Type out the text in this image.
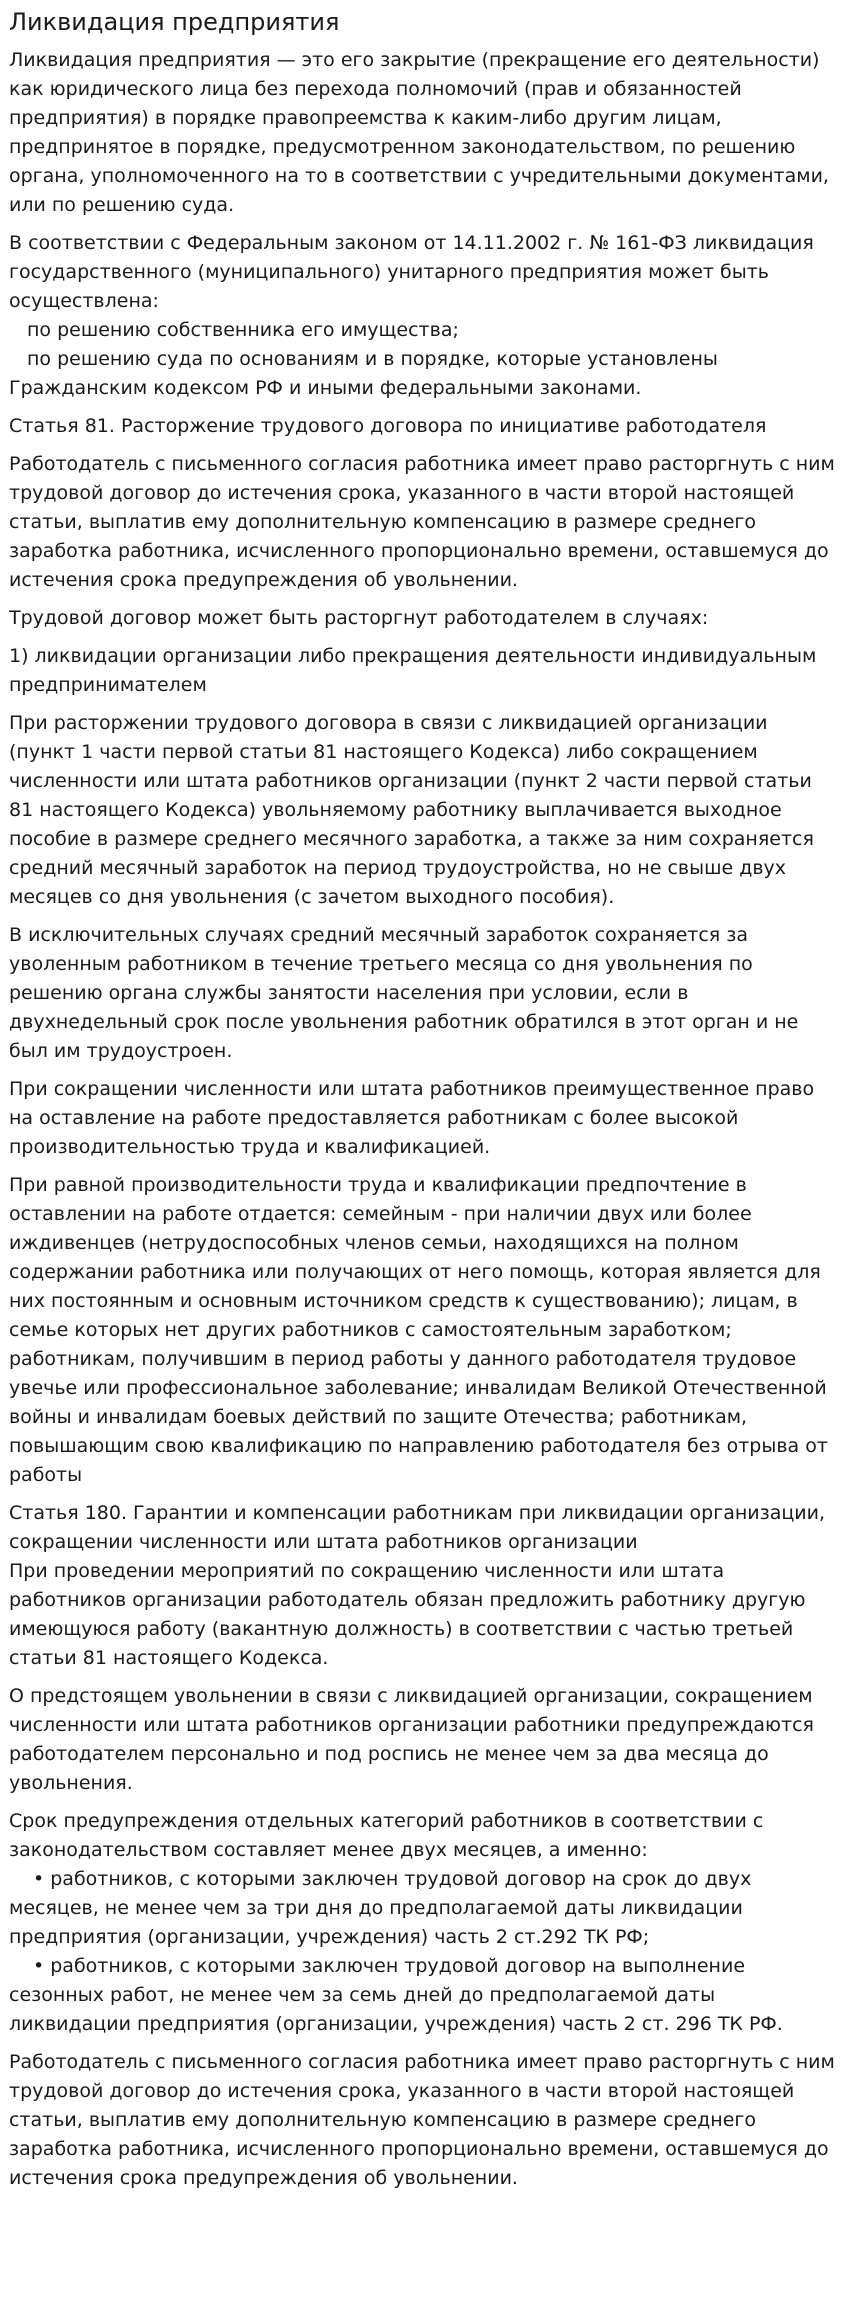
Ликвидация предприятия

Ликвидация предприятия — это его закрытие (прекращение его деятельности) как юридического лица без перехода полномочий (прав и обязанностей предприятия) в порядке правопреемства к каким-либо другим лицам, предпринятое в порядке, предусмотренном законодательством, по решению органа, уполномоченного на то в соответствии с учредительными документами, или по решению суда.

В соответствии с Федеральным законом от 14.11.2002 г. № 161-ФЗ ликвидация государственного (муниципального) унитарного предприятия может быть осуществлена:
по решению собственника его имущества;
по решению суда по основаниям и в порядке, которые установлены
Гражданским кодексом РФ и иными федеральными законами.

Статья 81. Расторжение трудового договора по инициативе работодателя

Работодатель с письменного согласия работника имеет право расторгнуть с ним трудовой договор до истечения срока, указанного в части второй настоящей статьи, выплатив ему дополнительную компенсацию в размере среднего заработка работника, исчисленного пропорционально времени, оставшемуся до истечения срока предупреждения об увольнении.

Трудовой договор может быть расторгнут работодателем в случаях:

1) ликвидации организации либо прекращения деятельности индивидуальным предпринимателем

При расторжении трудового договора в связи с ликвидацией организации (пункт 1 части первой статьи 81 настоящего Кодекса) либо сокращением численности или штата работников организации (пункт 2 части первой статьи 81 настоящего Кодекса) увольняемому работнику выплачивается выходное пособие в размере среднего месячного заработка, а также за ним сохраняется средний месячный заработок на период трудоустройства, но не свыше двух месяцев со дня увольнения (с зачетом выходного пособия).

В исключительных случаях средний месячный заработок сохраняется за уволенным работником в течение третьего месяца со дня увольнения по решению органа службы занятости населения при условии, если в двухнедельный срок после увольнения работник обратился в этот орган и не был им трудоустроен.

При сокращении численности или штата работников преимущественное право на оставление на работе предоставляется работникам с более высокой производительностью труда и квалификацией.

При равной производительности труда и квалификации предпочтение в оставлении на работе отдается: семейным - при наличии двух или более иждивенцев (нетрудоспособных членов семьи, находящихся на полном содержании работника или получающих от него помощь, которая является для них постоянным и основным источником средств к существованию); лицам, в семье которых нет других работников с самостоятельным заработком; работникам, получившим в период работы у данного работодателя трудовое увечье или профессиональное заболевание; инвалидам Великой Отечественной войны и инвалидам боевых действий по защите Отечества; работникам, повышающим свою квалификацию по направлению работодателя без отрыва от работы

Статья 180. Гарантии и компенсации работникам при ликвидации организации, сокращении численности или штата работников организации
При проведении мероприятий по сокращению численности или штата работников организации работодатель обязан предложить работнику другую имеющуюся работу (вакантную должность) в соответствии с частью третьей статьи 81 настоящего Кодекса.

О предстоящем увольнении в связи с ликвидацией организации, сокращением численности или штата работников организации работники предупреждаются работодателем персонально и под роспись не менее чем за два месяца до увольнения.

Срок предупреждения отдельных категорий работников в соответствии с законодательством составляет менее двух месяцев, а именно:
• работников, с которыми заключен трудовой договор на срок до двух месяцев, не менее чем за три дня до предполагаемой даты ликвидации предприятия (организации, учреждения) часть 2 ст.292 ТК РФ;
• работников, с которыми заключен трудовой договор на выполнение сезонных работ, не менее чем за семь дней до предполагаемой даты ликвидации предприятия (организации, учреждения) часть 2 ст. 296 ТК РФ.

Работодатель с письменного согласия работника имеет право расторгнуть с ним трудовой договор до истечения срока, указанного в части второй настоящей статьи, выплатив ему дополнительную компенсацию в размере среднего заработка работника, исчисленного пропорционально времени, оставшемуся до истечения срока предупреждения об увольнении.
